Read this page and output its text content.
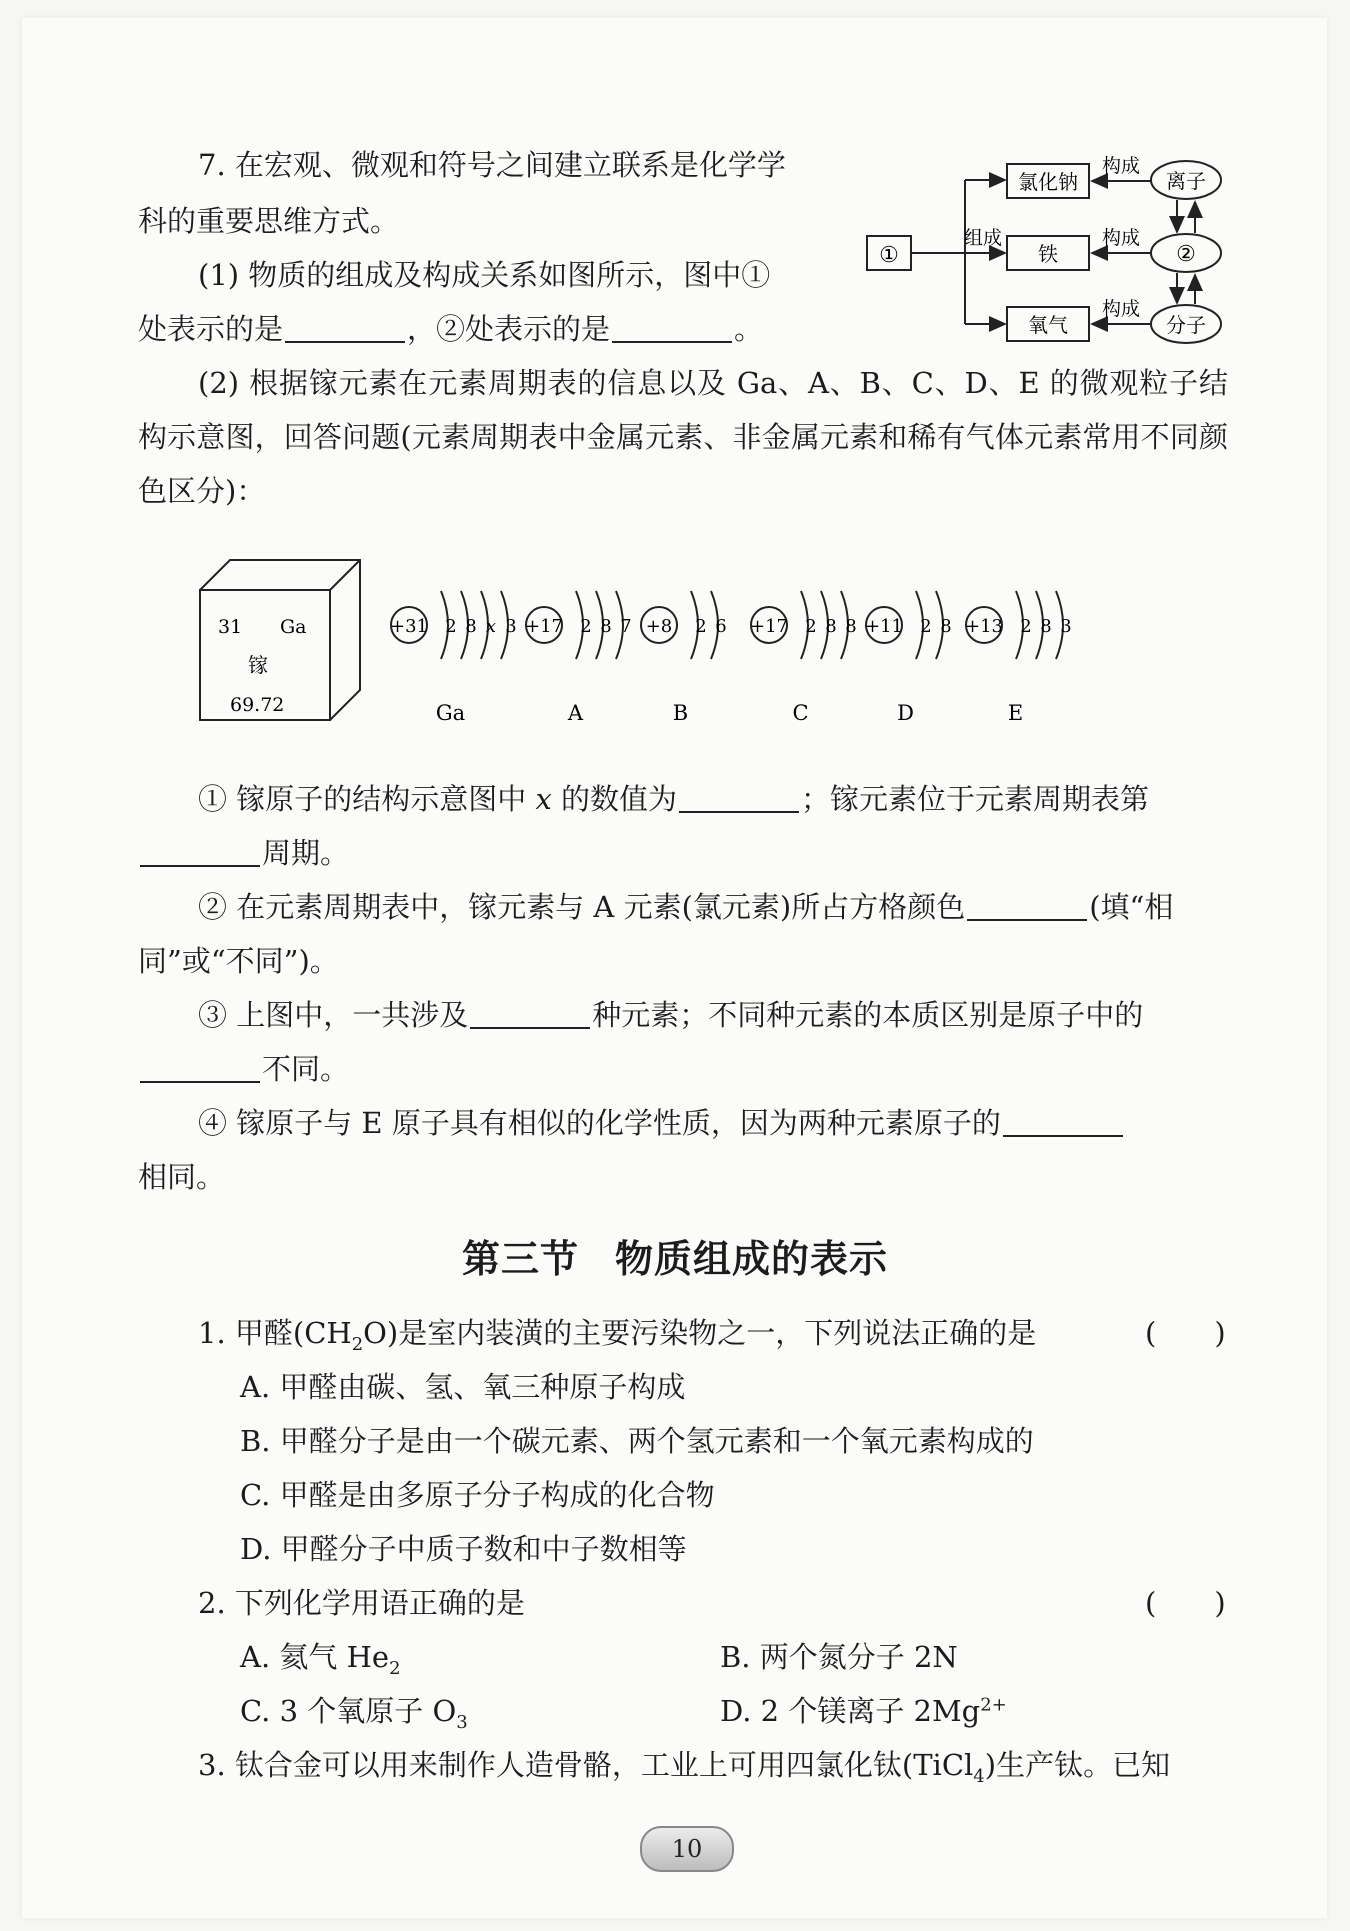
7. 在宏观、微观和符号之间建立联系是化学学
科的重要思维方式。
(1) 物质的组成及构成关系如图所示，图中①
处表示的是	，②处表示的是	。
①
组成
氯化钠
铁
氧气
构成
构成
构成
离子
②
分子

(2) 根据镓元素在元素周期表的信息以及 Ga、A、B、C、D、E 的微观粒子结构示意图，回答问题(元素周期表中金属元素、非金属元素和稀有气体元素常用不同颜色区分)：

31 Ga
镓
69.72
+31 2 8 x 3
Ga
+17 2 8 7
A
+8 2 6
B
+17 2 8 8
C
+11 2 8
D
+13 2 8 3
E
① 镓原子的结构示意图中 x 的数值为	；镓元素位于元素周期表第
周期。
② 在元素周期表中，镓元素与 A 元素(氯元素)所占方格颜色	(填“相
同”或“不同”)。
③ 上图中，一共涉及	种元素；不同种元素的本质区别是原子中的
不同。
④ 镓原子与 E 原子具有相似的化学性质，因为两种元素原子的
相同。
第三节 物质组成的表示
1. 甲醛$(CH_2O)$是室内装潢的主要污染物之一，下列说法正确的是	(　　)
A. 甲醛由碳、氢、氧三种原子构成
B. 甲醛分子是由一个碳元素、两个氢元素和一个氧元素构成的
C. 甲醛是由多原子分子构成的化合物
D. 甲醛分子中质子数和中子数相等
2. 下列化学用语正确的是	(　　)
A. 氦气 $He_2$	B. 两个氮分子 2N
C. 3 个氧原子 $O_3$	D. 2 个镁离子 $2Mg^{2+}$
3. 钛合金可以用来制作人造骨骼，工业上可用四氯化钛(TiCl$_4$)生产钛。已知
10
